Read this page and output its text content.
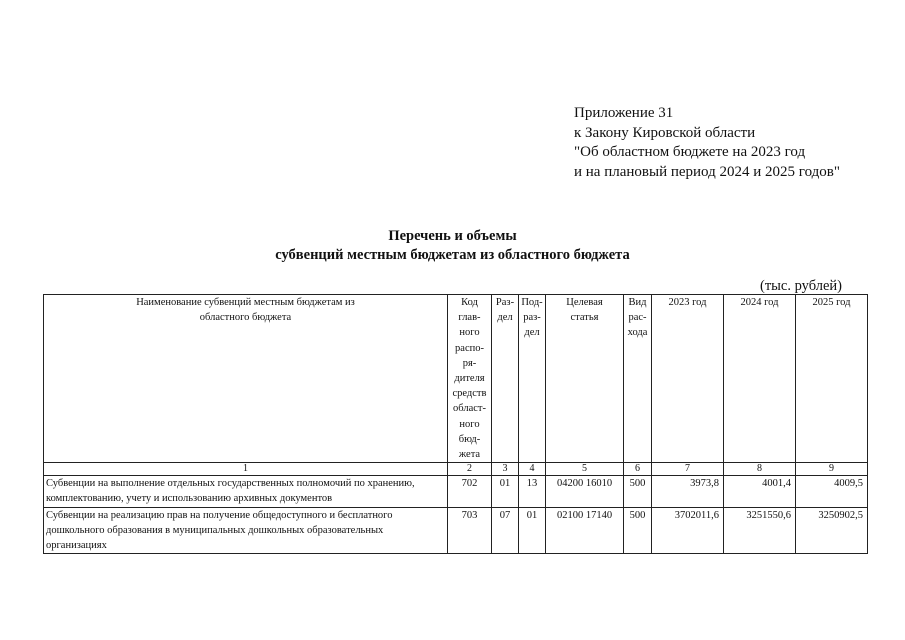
Приложение 31
к Закону Кировской области
"Об областном бюджете на 2023 год
и на плановый период 2024 и 2025 годов"
Перечень и объемы
субвенций местным бюджетам из областного бюджета
(тыс. рублей)
Наименование субвенций местным бюджетам из областного бюджета	Код глав-ного распо-ря-дителя средств област-ного бюд-жета	Раз-дел	Под-раз-дел	Целевая статья	Вид рас-хода	2023 год	2024 год	2025 год
1	2	3	4	5	6	7	8	9
Субвенции на выполнение отдельных государственных полномочий по хранению, комплектованию, учету и использованию архивных документов	702	01	13	04200 16010	500	3973,8	4001,4	4009,5
Субвенции на реализацию прав на получение общедоступного и бесплатного дошкольного образования в муниципальных дошкольных образовательных организациях	703	07	01	02100 17140	500	3702011,6	3251550,6	3250902,5
